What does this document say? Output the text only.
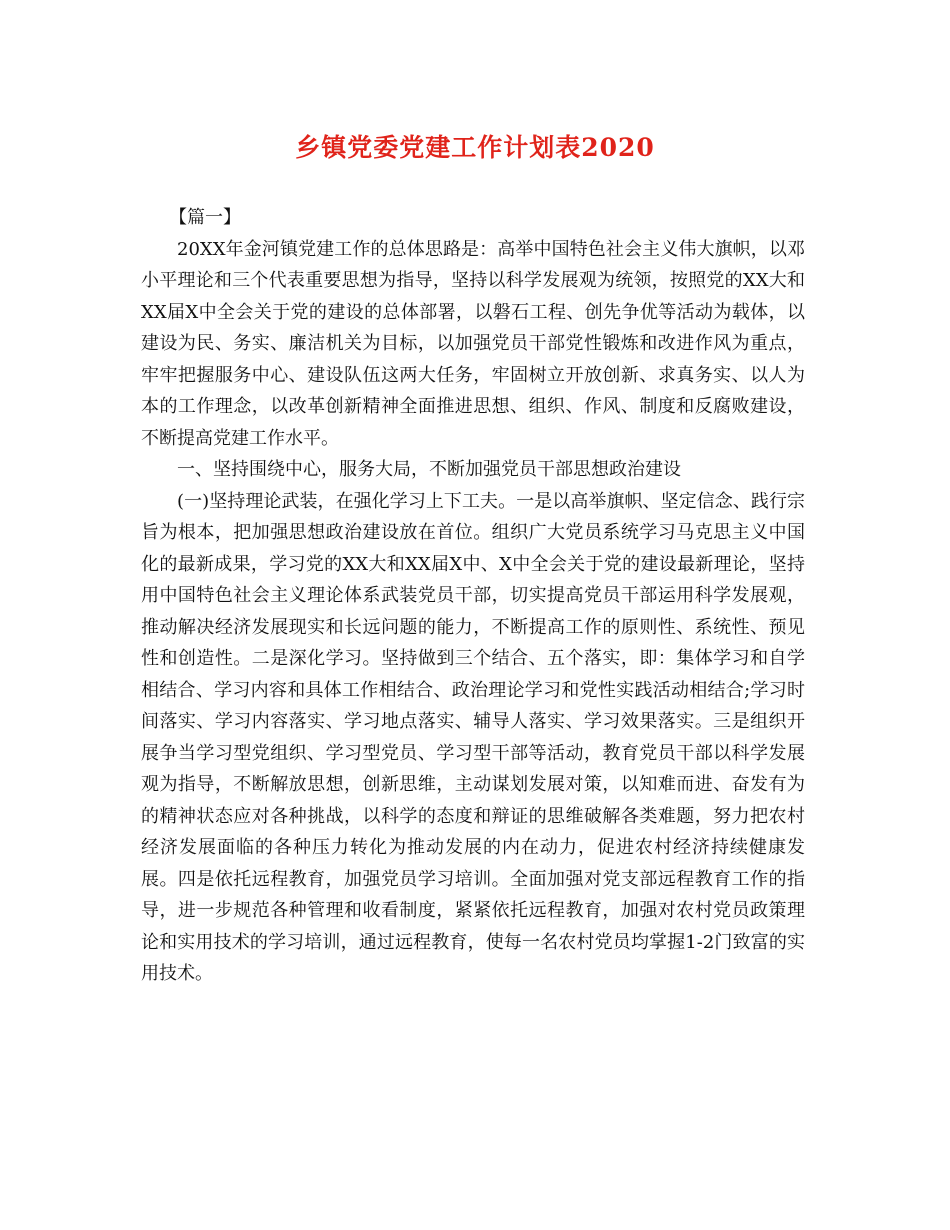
乡镇党委党建工作计划表2020

【篇一】

20XX年金河镇党建工作的总体思路是：高举中国特色社会主义伟大旗帜，以邓小平理论和三个代表重要思想为指导，坚持以科学发展观为统领，按照党的XX大和XX届X中全会关于党的建设的总体部署，以磐石工程、创先争优等活动为载体，以建设为民、务实、廉洁机关为目标，以加强党员干部党性锻炼和改进作风为重点，牢牢把握服务中心、建设队伍这两大任务，牢固树立开放创新、求真务实、以人为本的工作理念，以改革创新精神全面推进思想、组织、作风、制度和反腐败建设，不断提高党建工作水平。

一、坚持围绕中心，服务大局，不断加强党员干部思想政治建设

(一)坚持理论武装，在强化学习上下工夫。一是以高举旗帜、坚定信念、践行宗旨为根本，把加强思想政治建设放在首位。组织广大党员系统学习马克思主义中国化的最新成果，学习党的XX大和XX届X中、X中全会关于党的建设最新理论，坚持用中国特色社会主义理论体系武装党员干部，切实提高党员干部运用科学发展观，推动解决经济发展现实和长远问题的能力，不断提高工作的原则性、系统性、预见性和创造性。二是深化学习。坚持做到三个结合、五个落实，即：集体学习和自学相结合、学习内容和具体工作相结合、政治理论学习和党性实践活动相结合;学习时间落实、学习内容落实、学习地点落实、辅导人落实、学习效果落实。三是组织开展争当学习型党组织、学习型党员、学习型干部等活动，教育党员干部以科学发展观为指导，不断解放思想，创新思维，主动谋划发展对策，以知难而进、奋发有为的精神状态应对各种挑战，以科学的态度和辩证的思维破解各类难题，努力把农村经济发展面临的各种压力转化为推动发展的内在动力，促进农村经济持续健康发展。四是依托远程教育，加强党员学习培训。全面加强对党支部远程教育工作的指导，进一步规范各种管理和收看制度，紧紧依托远程教育，加强对农村党员政策理论和实用技术的学习培训，通过远程教育，使每一名农村党员均掌握1-2门致富的实用技术。
